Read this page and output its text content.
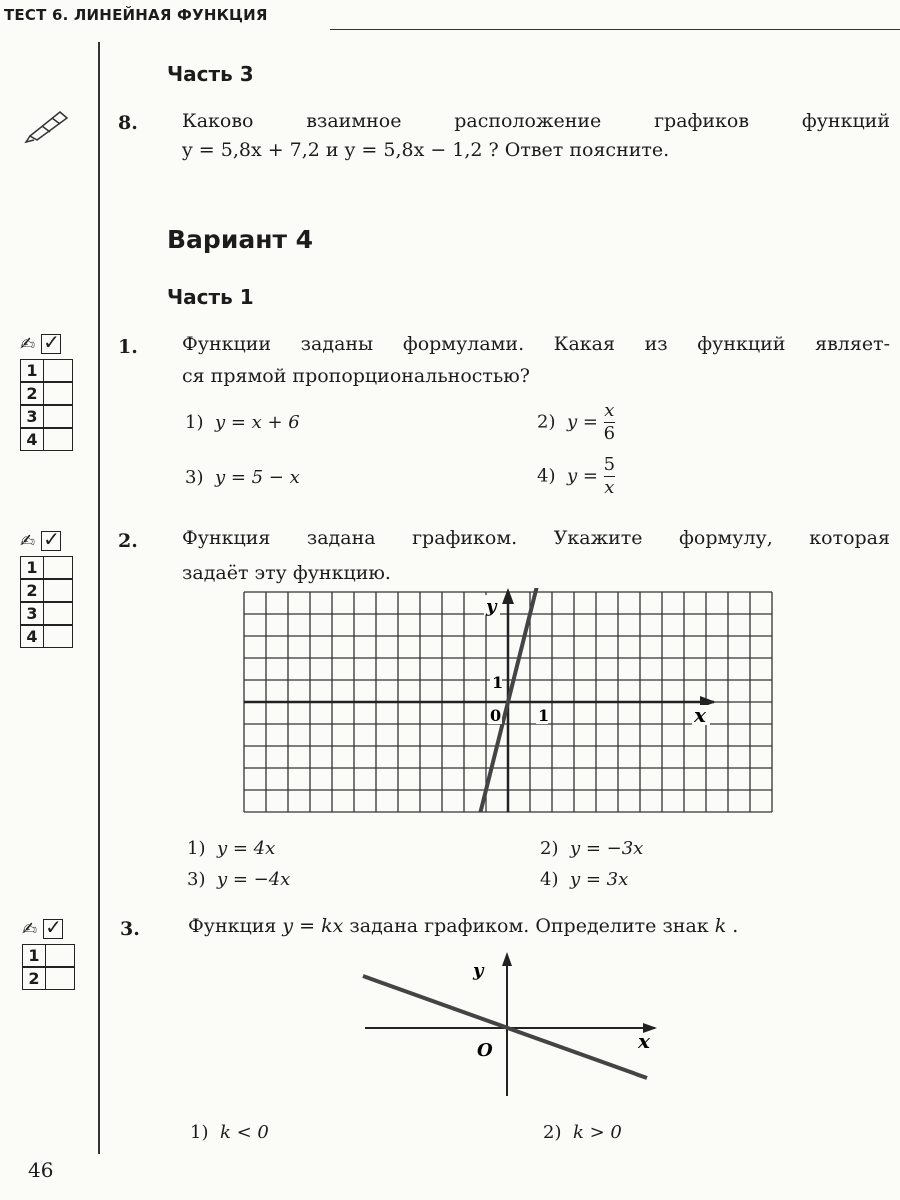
ТЕСТ 6. ЛИНЕЙНАЯ ФУНКЦИЯ
Часть 3
8. Каково взаимное расположение графиков функций
y = 5,8x + 7,2 и y = 5,8x − 1,2 ? Ответ поясните.
Вариант 4
Часть 1
✍
✓
1
2
3
4
1. Функции заданы формулами. Какая из функций являет-
ся прямой пропорциональностью?
1) y = x + 6	2) $y = \frac{x}{6}$
3) y = 5 − x	4) $y = \frac{5}{x}$
✍
✓
1
2
3
4
2. Функция задана графиком. Укажите формулу, которая
задаёт эту функцию.
y
x
0 1
1
1) y = 4x	2) y = −3x
3) y = −4x	4) y = 3x
✍
✓
1
2
3.	Функция y = kx задана графиком. Определите знак k .
y
x
O
1) k < 0	2) k > 0
46
